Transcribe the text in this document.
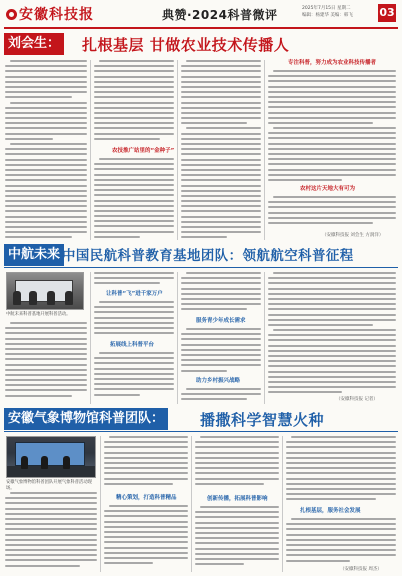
安徽科技报	典赞·2024科普微评	2025年7月15日 星期二
编辑：杨建华 美编：韩飞	03
刘会生： 扎根基层 甘做农业技术传播人
农技推广站里的“金种子”
专注科普，努力成为农业科技传播者
农村这片天地大有可为
（安徽科技报 刘会生 方润洋）
中航未来 中国民航科普教育基地团队：领航航空科普征程
中航未来科普基地开展科普活动。
让科普“飞”进千家万户
拓展线上科普平台
服务青少年成长需求
助力乡村振兴战略
（安徽科技报 记者）
安徽气象博物馆科普团队： 播撒科学智慧火种
安徽气象博物馆科普团队开展气象科普活动现场。
精心策划，打造科普精品	创新传播，拓展科普影响
扎根基层，服务社会发展
（安徽科技报 周杰）
